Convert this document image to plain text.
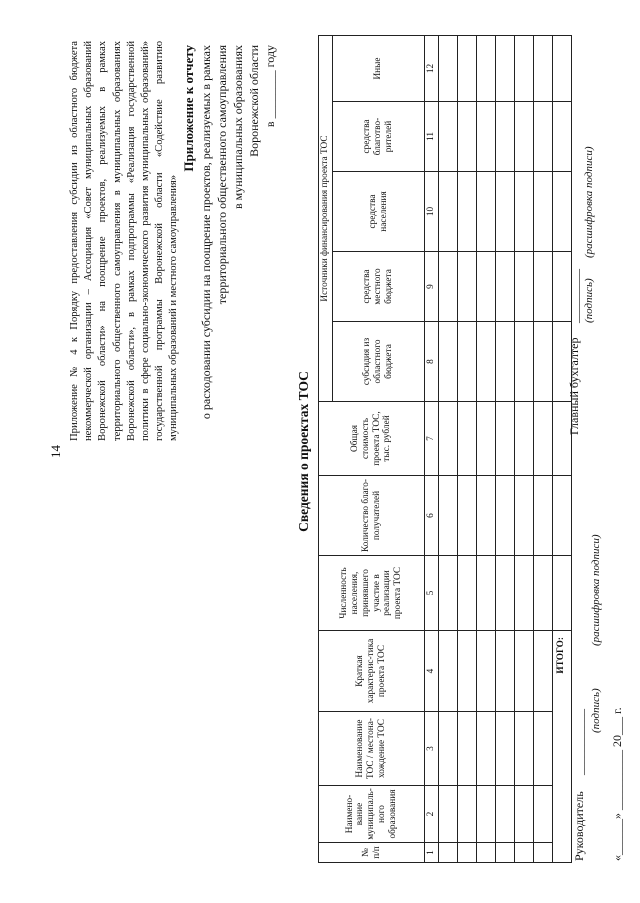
14
Приложение № 4 к Порядку предоставления субсидии из областного бюджета некоммерческой организации – Ассоциация «Совет муниципальных образований Воронежской области» на поощрение проектов, реализуемых в рамках территориального общественного самоуправления в муниципальных образованиях Воронежской области», в рамках подпрограммы «Реализация государственной политики в сфере социально-экономического развития муниципальных образований» государственной программы Воронежской области «Содействие развитию муниципальных образований и местного самоуправления»
Приложение к отчету о расходовании субсидии на поощрение проектов, реализуемых в рамках территориального общественного самоуправления в муниципальных образованиях Воронежской области в ________ году
Сведения о проектах ТОС
№ п/п	Наимено-вание муниципаль-ного образования	Наименование ТОС / местона-хождение ТОС	Краткая характерис-тика проекта ТОС	Численность населения, принявшего участие в реализации проекта ТОС	Количество благо-получателей	Общая стоимость проекта ТОС, тыс. рублей	Источники финансирования проекта ТОС				
							субсидия из областного бюджета	средства местного бюджета	средства населения	средства благотво-рителей	Иные
1	2	3	4	5	6	7	8	9	10	11	12

ИТОГО:											
Руководитель
___________
Главный бухгалтер
_________
(подпись)
(расшифровка подписи)
(подпись)
(расшифровка подписи)
«______» __________ 20___ г.
